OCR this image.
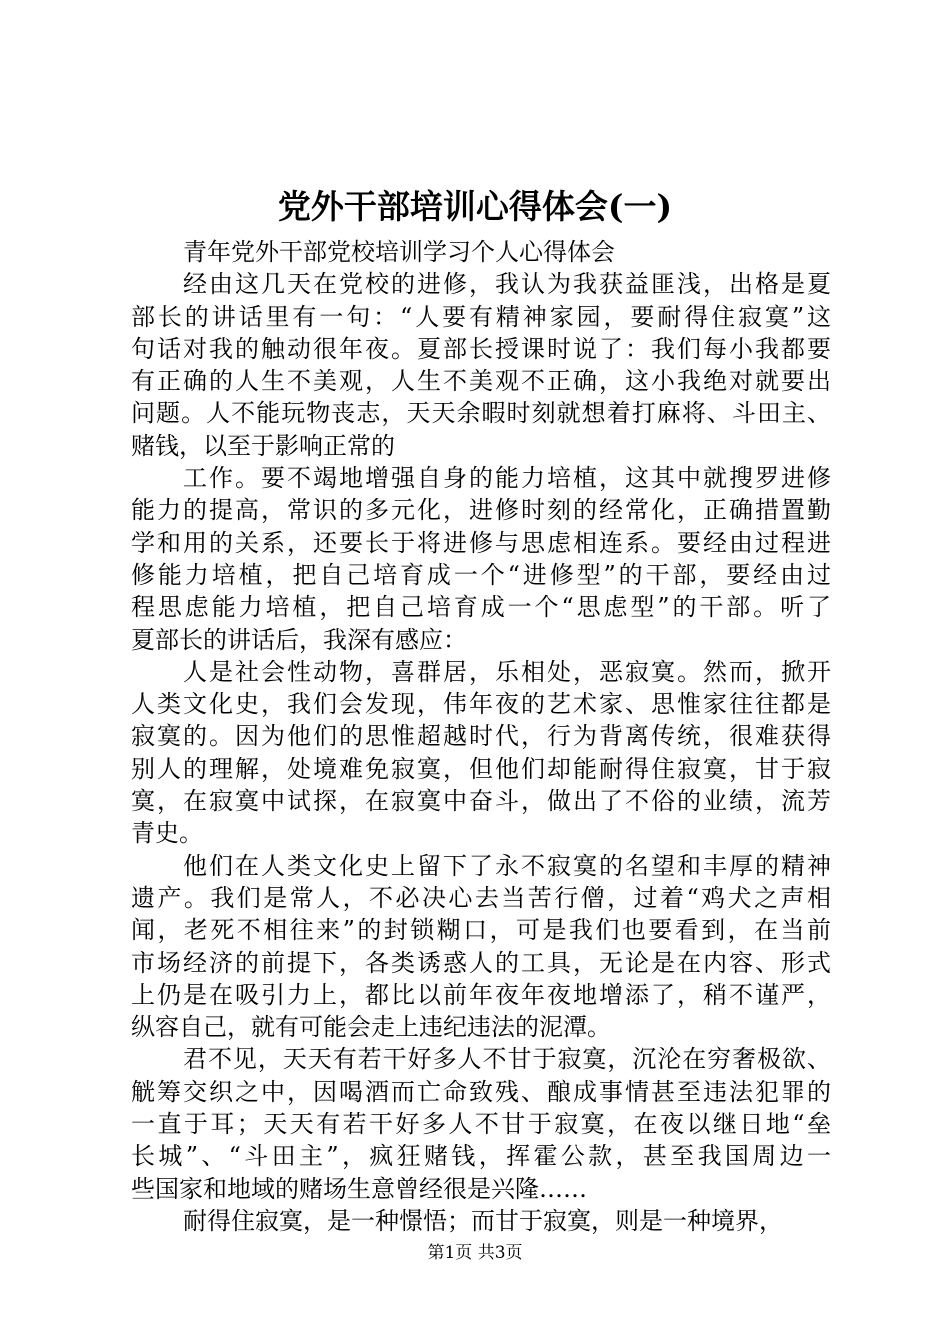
党外干部培训心得体会(一)
青年党外干部党校培训学习个人心得体会
经由这几天在党校的进修，我认为我获益匪浅，出格是夏
部长的讲话里有一句：“人要有精神家园，要耐得住寂寞”这
句话对我的触动很年夜。夏部长授课时说了：我们每小我都要
有正确的人生不美观，人生不美观不正确，这小我绝对就要出
问题。人不能玩物丧志，天天余暇时刻就想着打麻将、斗田主、
赌钱，以至于影响正常的
工作。要不竭地增强自身的能力培植，这其中就搜罗进修
能力的提高，常识的多元化，进修时刻的经常化，正确措置勤
学和用的关系，还要长于将进修与思虑相连系。要经由过程进
修能力培植，把自己培育成一个“进修型”的干部，要经由过
程思虑能力培植，把自己培育成一个“思虑型”的干部。听了
夏部长的讲话后，我深有感应：
人是社会性动物，喜群居，乐相处，恶寂寞。然而，掀开
人类文化史，我们会发现，伟年夜的艺术家、思惟家往往都是
寂寞的。因为他们的思惟超越时代，行为背离传统，很难获得
别人的理解，处境难免寂寞，但他们却能耐得住寂寞，甘于寂
寞，在寂寞中试探，在寂寞中奋斗，做出了不俗的业绩，流芳
青史。
他们在人类文化史上留下了永不寂寞的名望和丰厚的精神
遗产。我们是常人，不必决心去当苦行僧，过着“鸡犬之声相
闻，老死不相往来”的封锁糊口，可是我们也要看到，在当前
市场经济的前提下，各类诱惑人的工具，无论是在内容、形式
上仍是在吸引力上，都比以前年夜年夜地增添了，稍不谨严，
纵容自己，就有可能会走上违纪违法的泥潭。
君不见，天天有若干好多人不甘于寂寞，沉沦在穷奢极欲、
觥筹交织之中，因喝酒而亡命致残、酿成事情甚至违法犯罪的
一直于耳；天天有若干好多人不甘于寂寞，在夜以继日地“垒
长城”、“斗田主”，疯狂赌钱，挥霍公款，甚至我国周边一
些国家和地域的赌场生意曾经很是兴隆……
耐得住寂寞，是一种憬悟；而甘于寂寞，则是一种境界，
第1页 共3页
